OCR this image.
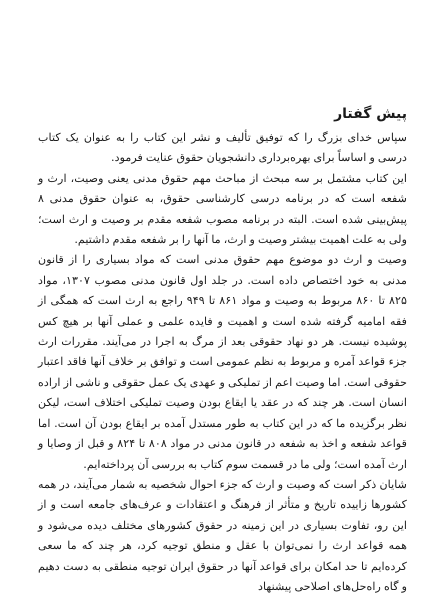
پیش گفتار

سپاس خدای بزرگ را که توفیق تألیف و نشر این کتاب را به عنوان یک کتاب درسی و اساساً برای بهره‌برداری دانشجویان حقوق عنایت فرمود.

این کتاب مشتمل بر سه مبحث از مباحث مهم حقوق مدنی یعنی وصیت، ارث و شفعه است که در برنامه درسی کارشناسی حقوق، به عنوان حقوق مدنی ۸ پیش‌بینی شده است. البته در برنامه مصوب شفعه مقدم بر وصیت و ارث است؛ ولی به علت اهمیت بیشتر وصیت و ارث، ما آنها را بر شفعه مقدم داشتیم.

وصیت و ارث دو موضوع مهم حقوق مدنی است که مواد بسیاری را از قانون مدنی به خود اختصاص داده است. در جلد اول قانون مدنی مصوب ۱۳۰۷، مواد ۸۲۵ تا ۸۶۰ مربوط به وصیت و مواد ۸۶۱ تا ۹۴۹ راجع به ارث است که همگی از فقه امامیه گرفته شده است و اهمیت و فایده علمی و عملی آنها بر هیچ کس پوشیده نیست. هر دو نهاد حقوقی بعد از مرگ به اجرا در می‌آیند. مقررات ارث جزء قواعد آمره و مربوط به نظم عمومی است و توافق بر خلاف آنها فاقد اعتبار حقوقی است. اما وصیت اعم از تملیکی و عهدی یک عمل حقوقی و ناشی از اراده انسان است. هر چند که در عقد یا ایقاع بودن وصیت تملیکی اختلاف است، لیکن نظر برگزیده ما که در این کتاب به طور مستدل آمده بر ایقاع بودن آن است. اما قواعد شفعه و اخذ به شفعه در قانون مدنی در مواد ۸۰۸ تا ۸۲۴ و قبل از وصایا و ارث آمده است؛ ولی ما در قسمت سوم کتاب به بررسی آن پرداخته‌ایم.

شایان ذکر است که وصیت و ارث که جزء احوال شخصیه به شمار می‌آیند، در همه کشورها زاییده تاریخ و متأثر از فرهنگ و اعتقادات و عرف‌های جامعه است و از این رو، تفاوت بسیاری در این زمینه در حقوق کشورهای مختلف دیده می‌شود و همه قواعد ارث را نمی‌توان با عقل و منطق توجیه کرد، هر چند که ما سعی کرده‌ایم تا حد امکان برای قواعد آنها در حقوق ایران توجیه منطقی به دست دهیم و گاه راه‌حل‌های اصلاحی پیشنهاد
